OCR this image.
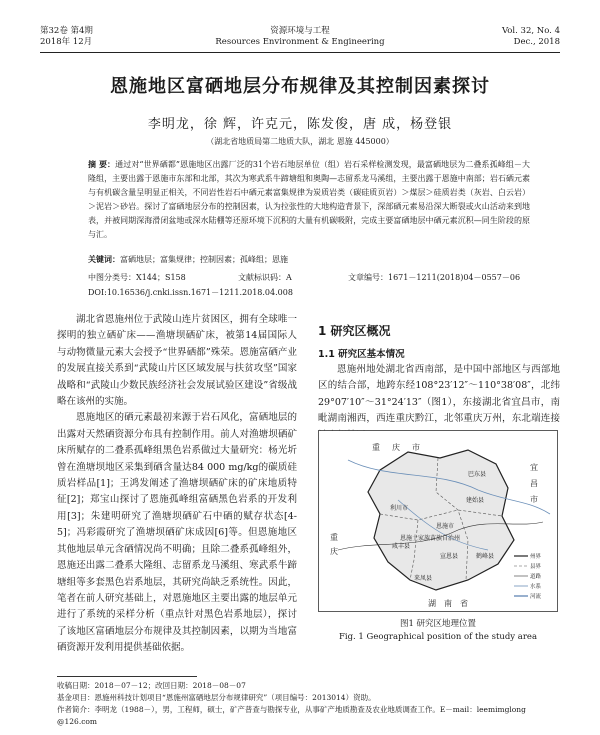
第32卷 第4期
2018年 12月
资源环境与工程
Resources Environment & Engineering
Vol. 32, No. 4
Dec., 2018
恩施地区富硒地层分布规律及其控制因素探讨
李明龙，徐 辉，许克元，陈发俊，唐 成，杨登银
（湖北省地质局第二地质大队，湖北 恩施 445000）
摘 要：通过对“世界硒都”恩施地区出露厂泛的31个岩石地层单位（组）岩石采样检测发现，最富硒地层为二叠系孤峰组－大隆组，主要出露于恩施市东部和北部，其次为寒武系牛蹄塘组和奥陶—志留系龙马溪组，主要出露于恩施中南部；岩石硒元素与有机碳含量呈明显正相关，不同岩性岩石中硒元素富集规律为炭质岩类（碳硅质页岩）＞煤层＞硅质岩类（灰岩、白云岩）＞泥岩＞砂岩。探讨了富硒地层分布的控制因素，认为拉张性的大地构造背景下，深部硒元素易沿深大断裂或火山活动来到地表，并被同期深海滑闭盆地或深水陆棚等还原环境下沉积的大量有机碳吸附，完成主要富硒地层中硒元素沉积—同生阶段的原与汇。
关键词：富硒地层；富集规律；控制因素；孤峰组；恩施
中图分类号：X144；S158	文献标识码：A	文章编号：1671－1211(2018)04－0557－06
DOI:10.16536/j.cnki.issn.1671－1211.2018.04.008

湖北省恩施州位于武陵山连片贫困区，拥有全球唯一探明的独立硒矿床——渔塘坝硒矿床，被第14届国际人与动物微量元素大会授予“世界硒都”殊荣。恩施富硒产业的发展直接关系到“武陵山片区区域发展与扶贫攻坚”国家战略和“武陵山少数民族经济社会发展试验区建设”省级战略在该州的实施。

恩施地区的硒元素最初来源于岩石风化，富硒地层的出露对天然硒资源分布具有控制作用。前人对渔塘坝硒矿床所赋存的二叠系孤峰组黑色岩系做过大量研究：杨光圻曾在渔塘坝地区采集到硒含量达84 000 mg/kg的碳质硅质岩样品[1]；王鸿发阐述了渔塘坝硒矿床的矿床地质特征[2]；郑宝山探讨了恩施孤峰组富硒黑色岩系的开发利用[3]；朱建明研究了渔塘坝硒矿石中硒的赋存状态[4-5]；冯彩霞研究了渔塘坝硒矿床成因[6]等。但恩施地区其他地层单元含硒情况尚不明确；且除二叠系孤峰组外，恩施还出露二叠系大隆组、志留系龙马溪组、寒武系牛蹄塘组等多套黑色岩系地层，其研究尚缺乏系统性。因此，笔者在前人研究基础上，对恩施地区主要出露的地层单元进行了系统的采样分析（重点针对黑色岩系地层），探讨了该地区富硒地层分布规律及其控制因素，以期为当地富硒资源开发利用提供基础依据。

1 研究区概况
1.1 研究区基本情况

恩施州地处湖北省西南部，是中国中部地区与西部地区的结合部，地跨东经108°23′12″～110°38′08″，北纬29°07′10″～31°24′13″（图1），东接湖北省宜昌市，南毗湖南湘西，西连重庆黔江，北邻重庆万州，东北端连接

重 庆 市
巴东县
建始县
宜
昌
市
恩施市
利川市
鹤峰县
宣恩县
来凤县
咸丰县
恩施土家族苗族自治州
湖 南 省
重
庆
州界
县界
道路
水系
河流
图1 研究区地理位置
Fig. 1 Geographical position of the study area
收稿日期：2018－07－12；改回日期：2018－08－07
基金项目：恩施州科技计划项目“恩施州富硒地层分布规律研究”（项目编号：2013014）资助。
作者简介：李明龙（1988－），男，工程师，硕士，矿产普查与勘探专业，从事矿产地质勘查及农业地质调查工作。E－mail：leemimglong
@126.com
